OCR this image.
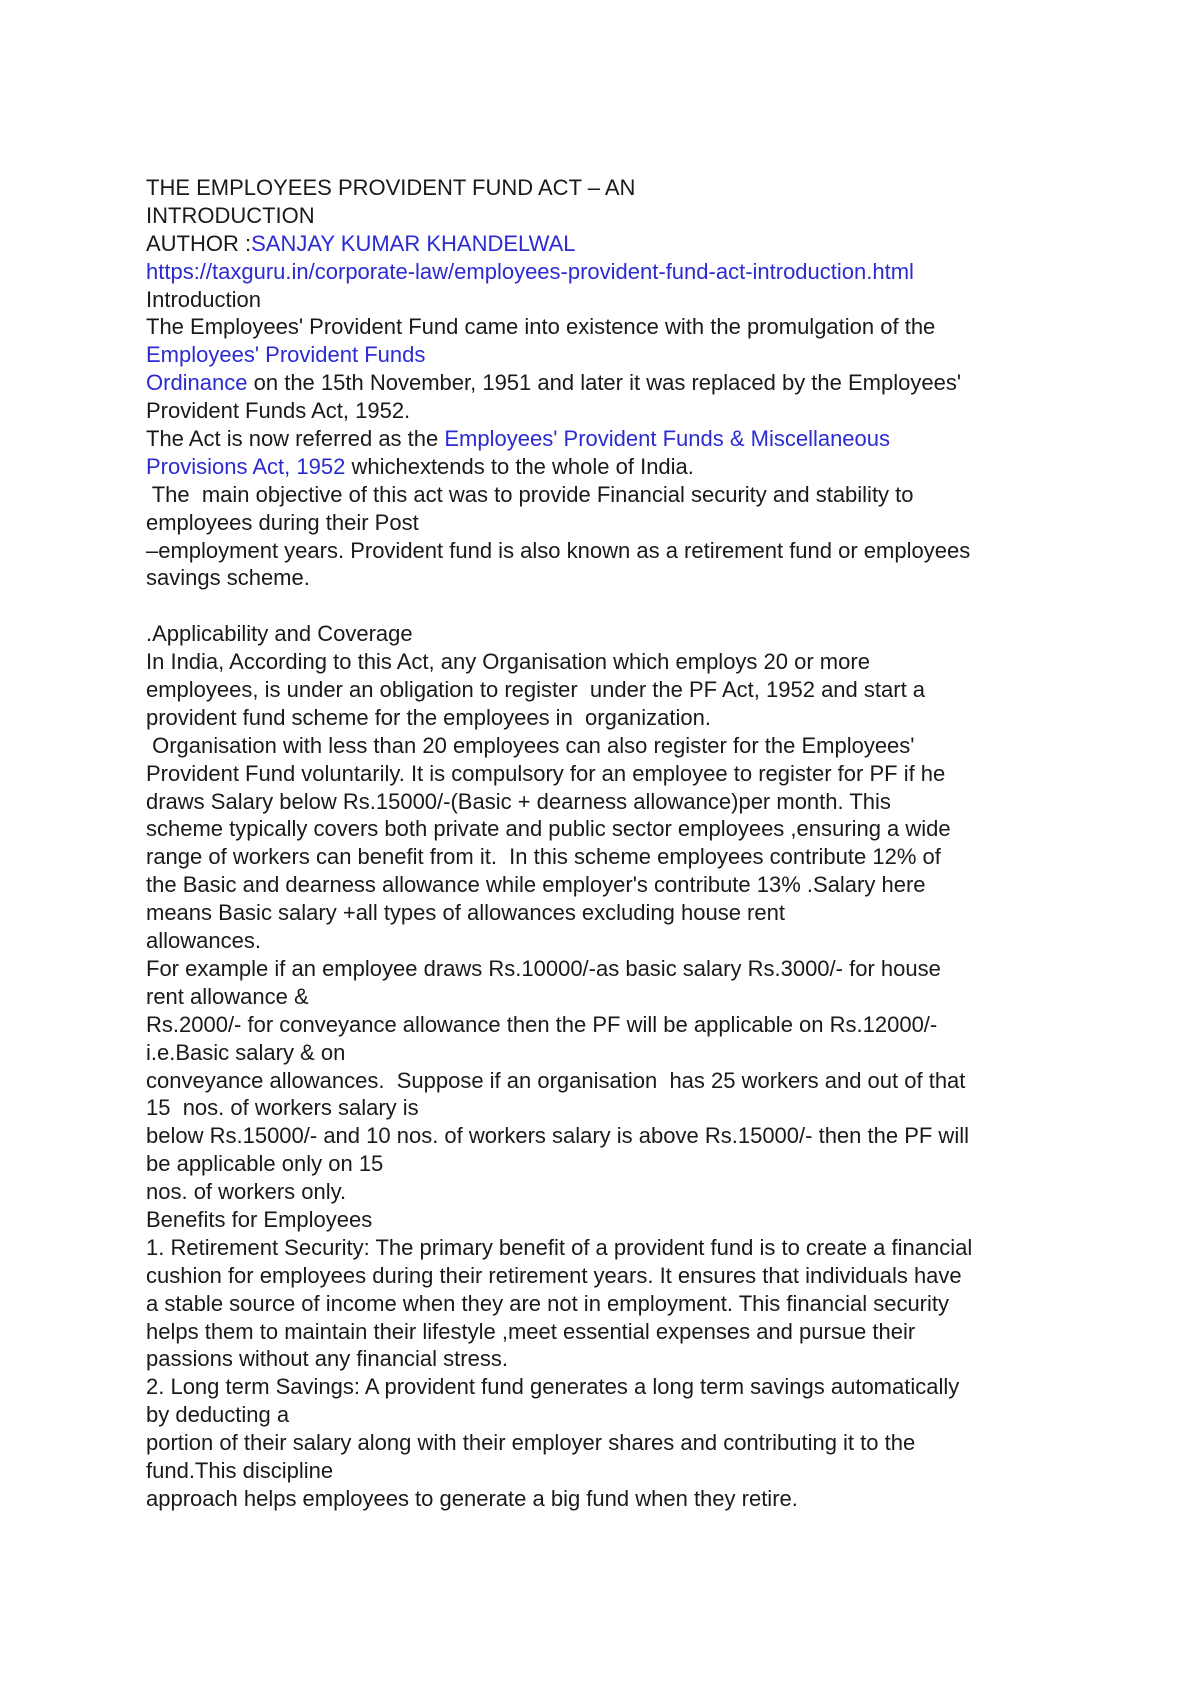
THE EMPLOYEES PROVIDENT FUND ACT – AN
INTRODUCTION
AUTHOR :SANJAY KUMAR KHANDELWAL
https://taxguru.in/corporate-law/employees-provident-fund-act-introduction.html
Introduction
The Employees' Provident Fund came into existence with the promulgation of the
Employees' Provident Funds
Ordinance on the 15th November, 1951 and later it was replaced by the Employees'
Provident Funds Act, 1952.
The Act is now referred as the Employees' Provident Funds & Miscellaneous
Provisions Act, 1952 whichextends to the whole of India.
The  main objective of this act was to provide Financial security and stability to
employees during their Post
–employment years. Provident fund is also known as a retirement fund or employees
savings scheme.
.Applicability and Coverage
In India, According to this Act, any Organisation which employs 20 or more
employees, is under an obligation to register  under the PF Act, 1952 and start a
provident fund scheme for the employees in  organization.
Organisation with less than 20 employees can also register for the Employees'
Provident Fund voluntarily. It is compulsory for an employee to register for PF if he
draws Salary below Rs.15000/-(Basic + dearness allowance)per month. This
scheme typically covers both private and public sector employees ,ensuring a wide
range of workers can benefit from it.  In this scheme employees contribute 12% of
the Basic and dearness allowance while employer's contribute 13% .Salary here
means Basic salary +all types of allowances excluding house rent
allowances.
For example if an employee draws Rs.10000/-as basic salary Rs.3000/- for house
rent allowance &
Rs.2000/- for conveyance allowance then the PF will be applicable on Rs.12000/-
i.e.Basic salary & on
conveyance allowances.  Suppose if an organisation  has 25 workers and out of that
15  nos. of workers salary is
below Rs.15000/- and 10 nos. of workers salary is above Rs.15000/- then the PF will
be applicable only on 15
nos. of workers only.
Benefits for Employees
1. Retirement Security: The primary benefit of a provident fund is to create a financial
cushion for employees during their retirement years. It ensures that individuals have
a stable source of income when they are not in employment. This financial security
helps them to maintain their lifestyle ,meet essential expenses and pursue their
passions without any financial stress.
2. Long term Savings: A provident fund generates a long term savings automatically
by deducting a
portion of their salary along with their employer shares and contributing it to the
fund.This discipline
approach helps employees to generate a big fund when they retire.
